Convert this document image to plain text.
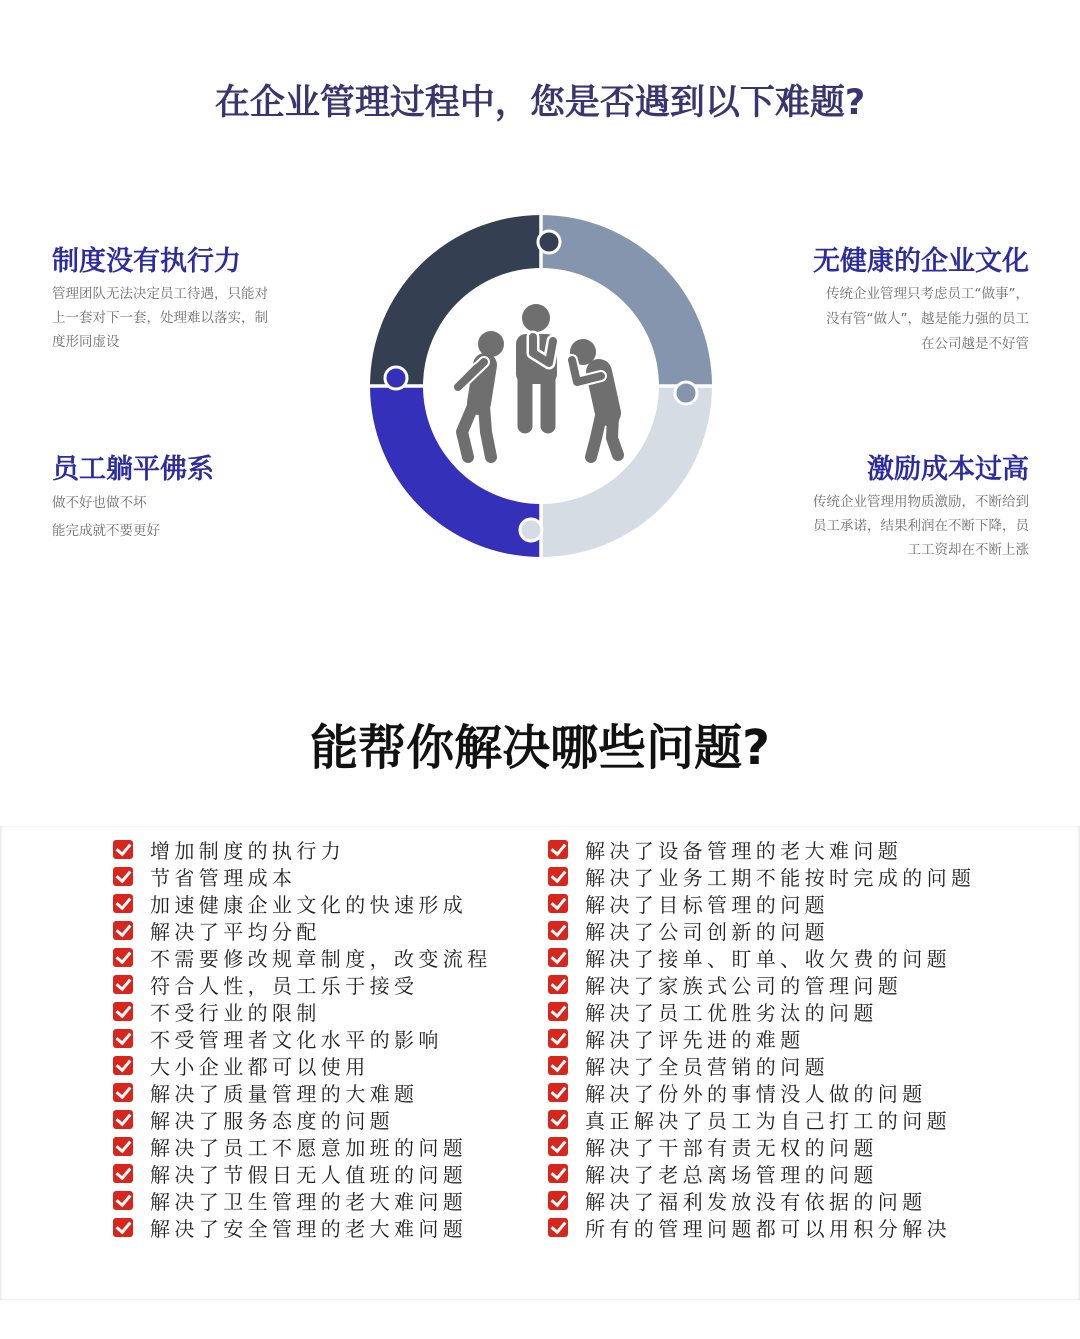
在企业管理过程中，您是否遇到以下难题?
制度没有执行力
管理团队无法决定员工待遇，只能对
上一套对下一套，处理难以落实，制
度形同虚设
员工躺平佛系
做不好也做不坏
能完成就不要更好
无健康的企业文化
传统企业管理只考虑员工“做事”，
没有管“做人”，越是能力强的员工
在公司越是不好管
激励成本过高
传统企业管理用物质激励，不断给到
员工承诺，结果利润在不断下降，员
工工资却在不断上涨
能帮你解决哪些问题?
增加制度的执行力
节省管理成本
加速健康企业文化的快速形成
解决了平均分配
不需要修改规章制度，改变流程
符合人性，员工乐于接受
不受行业的限制
不受管理者文化水平的影响
大小企业都可以使用
解决了质量管理的大难题
解决了服务态度的问题
解决了员工不愿意加班的问题
解决了节假日无人值班的问题
解决了卫生管理的老大难问题
解决了安全管理的老大难问题
解决了设备管理的老大难问题
解决了业务工期不能按时完成的问题
解决了目标管理的问题
解决了公司创新的问题
解决了接单、盯单、收欠费的问题
解决了家族式公司的管理问题
解决了员工优胜劣汰的问题
解决了评先进的难题
解决了全员营销的问题
解决了份外的事情没人做的问题
真正解决了员工为自己打工的问题
解决了干部有责无权的问题
解决了老总离场管理的问题
解决了福利发放没有依据的问题
所有的管理问题都可以用积分解决
